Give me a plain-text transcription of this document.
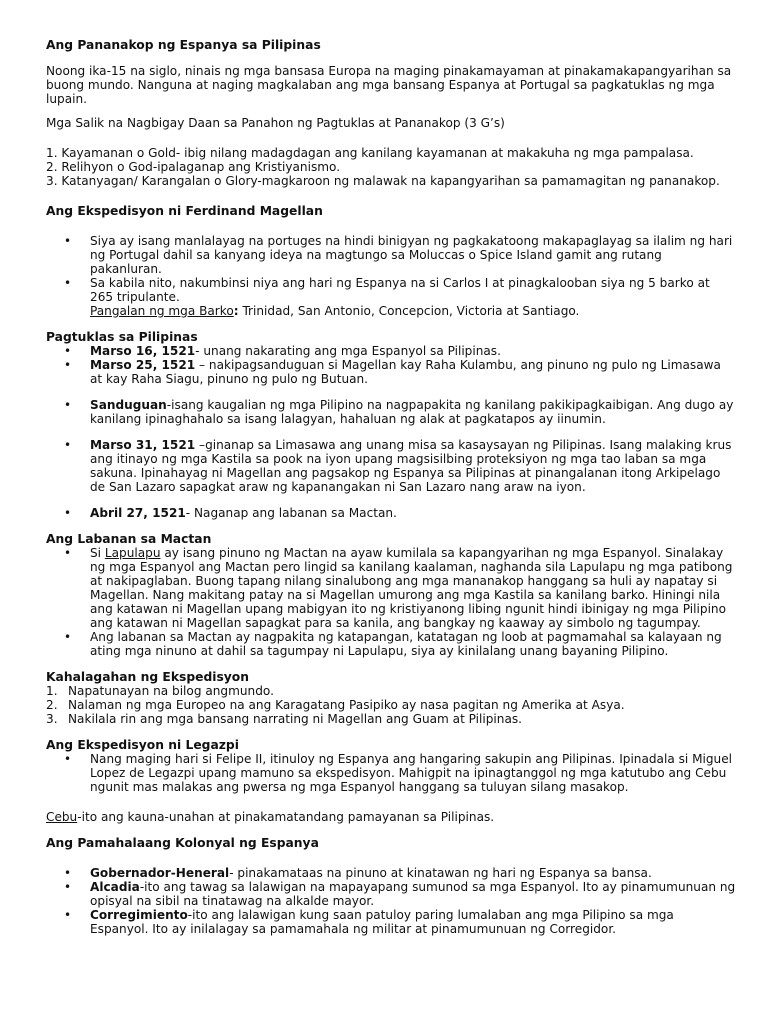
Ang Pananakop ng Espanya sa Pilipinas

Noong ika-15 na siglo, ninais ng mga bansasa Europa na maging pinakamayaman at pinakamakapangyarihan sa buong mundo. Nanguna at naging magkalaban ang mga bansang Espanya at Portugal sa pagkatuklas ng mga lupain.

Mga Salik na Nagbigay Daan sa Panahon ng Pagtuklas at Pananakop (3 G’s)

1. Kayamanan o Gold- ibig nilang madagdagan ang kanilang kayamanan at makakuha ng mga pampalasa.

2. Relihyon o God-ipalaganap ang Kristiyanismo.

3. Katanyagan/ Karangalan o Glory-magkaroon ng malawak na kapangyarihan sa pamamagitan ng pananakop.

Ang Ekspedisyon ni Ferdinand Magellan
• Siya ay isang manlalayag na portuges na hindi binigyan ng pagkakatoong makapaglayag sa ilalim ng hari ng Portugal dahil sa kanyang ideya na magtungo sa Moluccas o Spice Island gamit ang rutang pakanluran.
• Sa kabila nito, nakumbinsi niya ang hari ng Espanya na si Carlos I at pinagkalooban siya ng 5 barko at 265 tripulante.
Pangalan ng mga Barko: Trinidad, San Antonio, Concepcion, Victoria at Santiago.
Pagtuklas sa Pilipinas
• Marso 16, 1521- unang nakarating ang mga Espanyol sa Pilipinas.
• Marso 25, 1521 – nakipagsanduguan si Magellan kay Raha Kulambu, ang pinuno ng pulo ng Limasawa at kay Raha Siagu, pinuno ng pulo ng Butuan.
• Sanduguan-isang kaugalian ng mga Pilipino na nagpapakita ng kanilang pakikipagkaibigan. Ang dugo ay kanilang ipinaghahalo sa isang lalagyan, hahaluan ng alak at pagkatapos ay iinumin.
• Marso 31, 1521 –ginanap sa Limasawa ang unang misa sa kasaysayan ng Pilipinas. Isang malaking krus ang itinayo ng mga Kastila sa pook na iyon upang magsisilbing proteksiyon ng mga tao laban sa mga sakuna. Ipinahayag ni Magellan ang pagsakop ng Espanya sa Pilipinas at pinangalanan itong Arkipelago de San Lazaro sapagkat araw ng kapanangakan ni San Lazaro nang araw na iyon.
• Abril 27, 1521- Naganap ang labanan sa Mactan.
Ang Labanan sa Mactan
• Si Lapulapu ay isang pinuno ng Mactan na ayaw kumilala sa kapangyarihan ng mga Espanyol. Sinalakay ng mga Espanyol ang Mactan pero lingid sa kanilang kaalaman, naghanda sila Lapulapu ng mga patibong at nakipaglaban. Buong tapang nilang sinalubong ang mga mananakop hanggang sa huli ay napatay si Magellan. Nang makitang patay na si Magellan umurong ang mga Kastila sa kanilang barko. Hiningi nila ang katawan ni Magellan upang mabigyan ito ng kristiyanong libing ngunit hindi ibinigay ng mga Pilipino ang katawan ni Magellan sapagkat para sa kanila, ang bangkay ng kaaway ay simbolo ng tagumpay.
• Ang labanan sa Mactan ay nagpakita ng katapangan, katatagan ng loob at pagmamahal sa kalayaan ng ating mga ninuno at dahil sa tagumpay ni Lapulapu, siya ay kinilalang unang bayaning Pilipino.
Kahalagahan ng Ekspedisyon
1. Napatunayan na bilog angmundo.
2. Nalaman ng mga Europeo na ang Karagatang Pasipiko ay nasa pagitan ng Amerika at Asya.
3. Nakilala rin ang mga bansang narrating ni Magellan ang Guam at Pilipinas.
Ang Ekspedisyon ni Legazpi
• Nang maging hari si Felipe II, itinuloy ng Espanya ang hangaring sakupin ang Pilipinas. Ipinadala si Miguel Lopez de Legazpi upang mamuno sa ekspedisyon. Mahigpit na ipinagtanggol ng mga katutubo ang Cebu ngunit mas malakas ang pwersa ng mga Espanyol hanggang sa tuluyan silang masakop.

Cebu-ito ang kauna-unahan at pinakamatandang pamayanan sa Pilipinas.

Ang Pamahalaang Kolonyal ng Espanya
• Gobernador-Heneral- pinakamataas na pinuno at kinatawan ng hari ng Espanya sa bansa.
• Alcadia-ito ang tawag sa lalawigan na mapayapang sumunod sa mga Espanyol. Ito ay pinamumunuan ng opisyal na sibil na tinatawag na alkalde mayor.
• Corregimiento-ito ang lalawigan kung saan patuloy paring lumalaban ang mga Pilipino sa mga Espanyol. Ito ay inilalagay sa pamamahala ng militar at pinamumunuan ng Corregidor.
